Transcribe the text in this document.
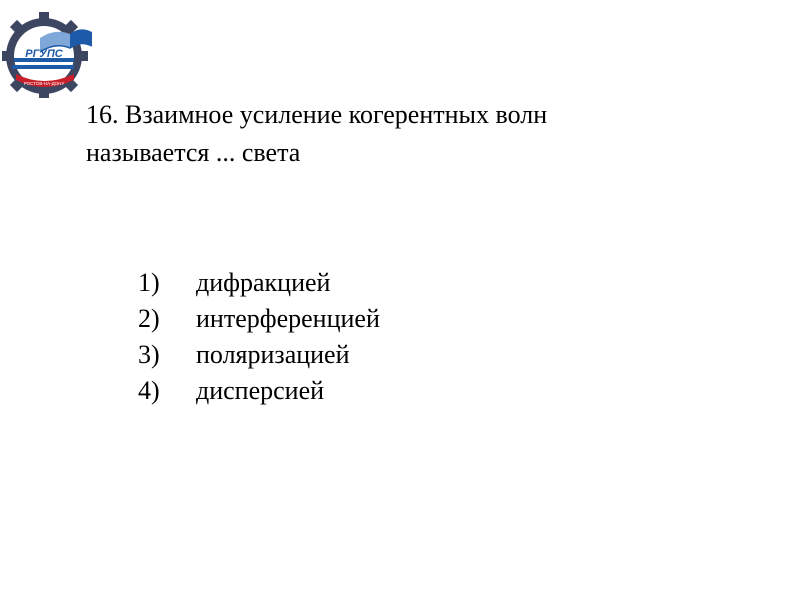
РГУПС
РОСТОВ-НА-ДОНУ
16. Взаимное усиление когерентных волн
называется ... света
1) дифракцией
2) интерференцией
3) поляризацией
4) дисперсией
